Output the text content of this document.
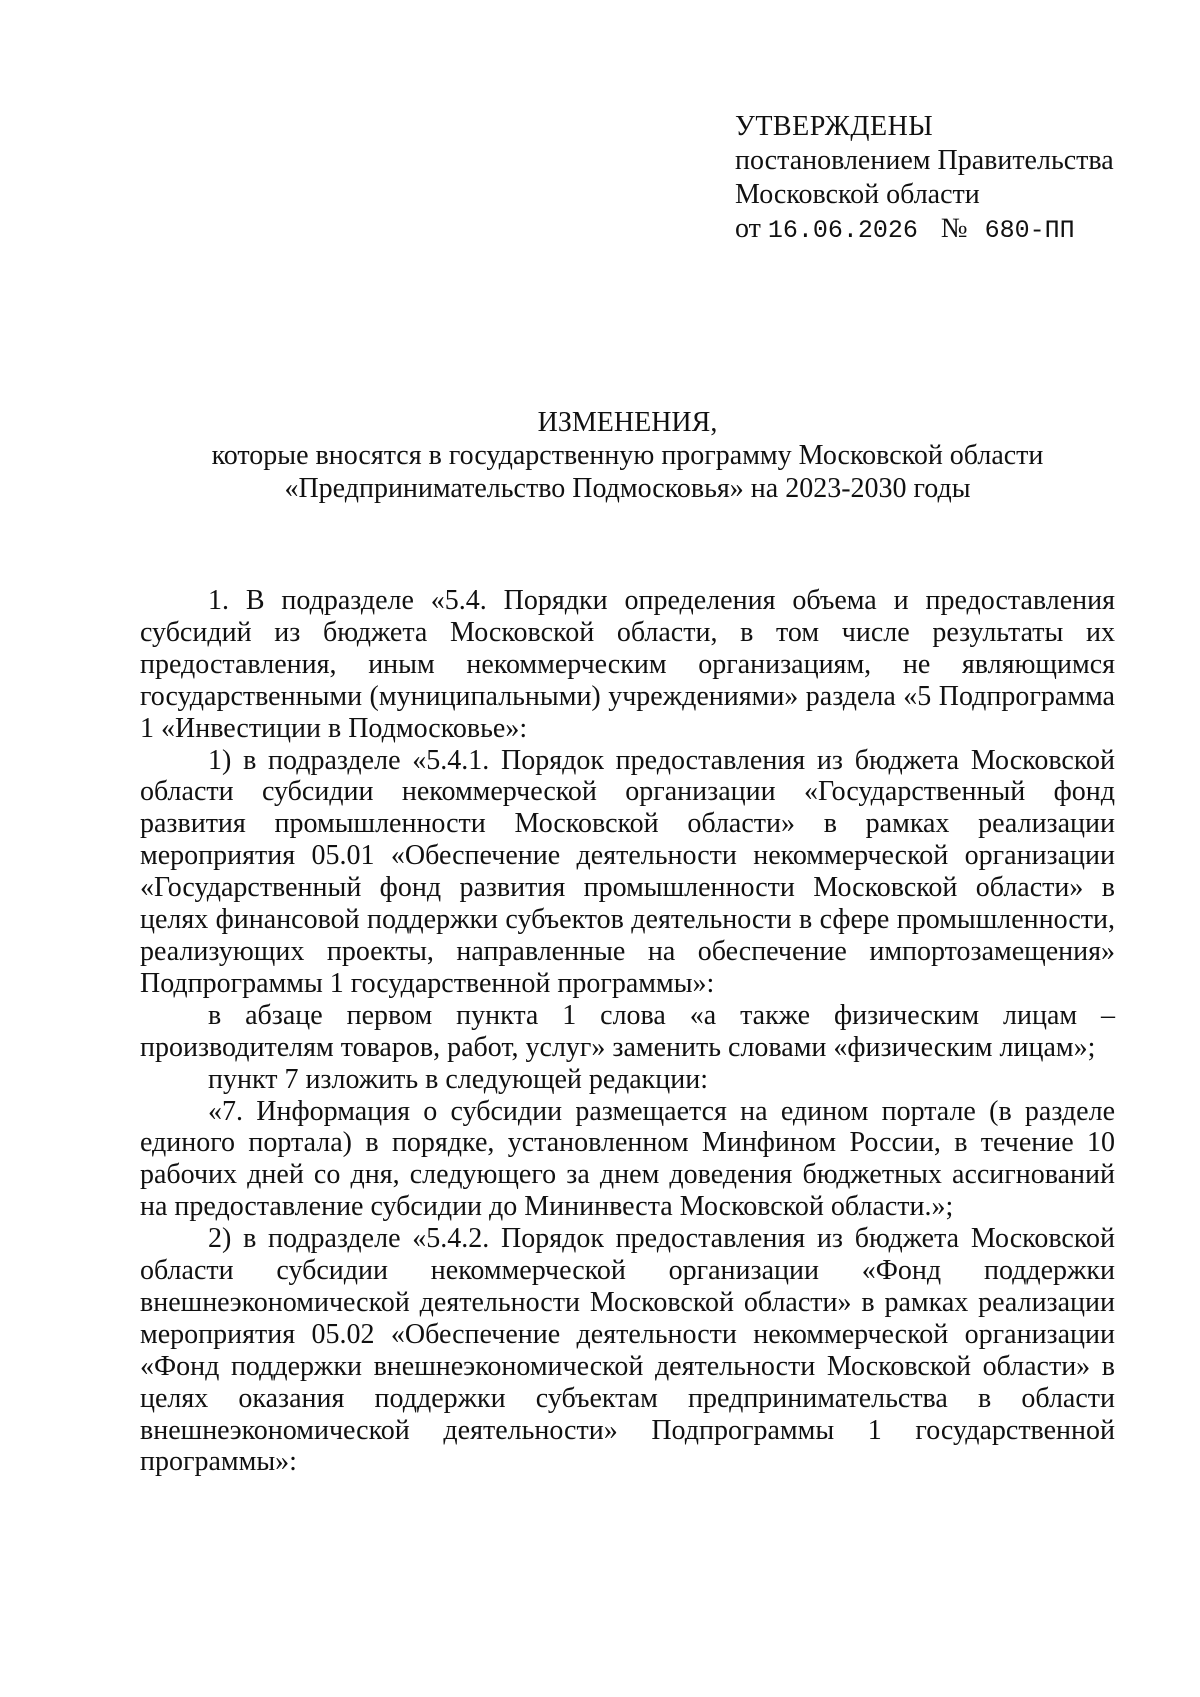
УТВЕРЖДЕНЫ
постановлением Правительства
Московской области
от 16.06.2026 № 680-ПП
ИЗМЕНЕНИЯ,
которые вносятся в государственную программу Московской области
«Предпринимательство Подмосковья» на 2023-2030 годы

1. В подразделе «5.4. Порядки определения объема и предоставления субсидий из бюджета Московской области, в том числе результаты их предоставления, иным некоммерческим организациям, не являющимся государственными (муниципальными) учреждениями» раздела «5 Подпрограмма 1 «Инвестиции в Подмосковье»:

1) в подразделе «5.4.1. Порядок предоставления из бюджета Московской области субсидии некоммерческой организации «Государственный фонд развития промышленности Московской области» в рамках реализации мероприятия 05.01 «Обеспечение деятельности некоммерческой организации «Государственный фонд развития промышленности Московской области» в целях финансовой поддержки субъектов деятельности в сфере промышленности, реализующих проекты, направленные на обеспечение импортозамещения» Подпрограммы 1 государственной программы»:

в абзаце первом пункта 1 слова «а также физическим лицам – производителям товаров, работ, услуг» заменить словами «физическим лицам»;

пункт 7 изложить в следующей редакции:

«7. Информация о субсидии размещается на едином портале (в разделе единого портала) в порядке, установленном Минфином России, в течение 10 рабочих дней со дня, следующего за днем доведения бюджетных ассигнований на предоставление субсидии до Мининвеста Московской области.»;

2) в подразделе «5.4.2. Порядок предоставления из бюджета Московской области субсидии некоммерческой организации «Фонд поддержки внешнеэкономической деятельности Московской области» в рамках реализации мероприятия 05.02 «Обеспечение деятельности некоммерческой организации «Фонд поддержки внешнеэкономической деятельности Московской области» в целях оказания поддержки субъектам предпринимательства в области внешнеэкономической деятельности» Подпрограммы 1 государственной программы»:
